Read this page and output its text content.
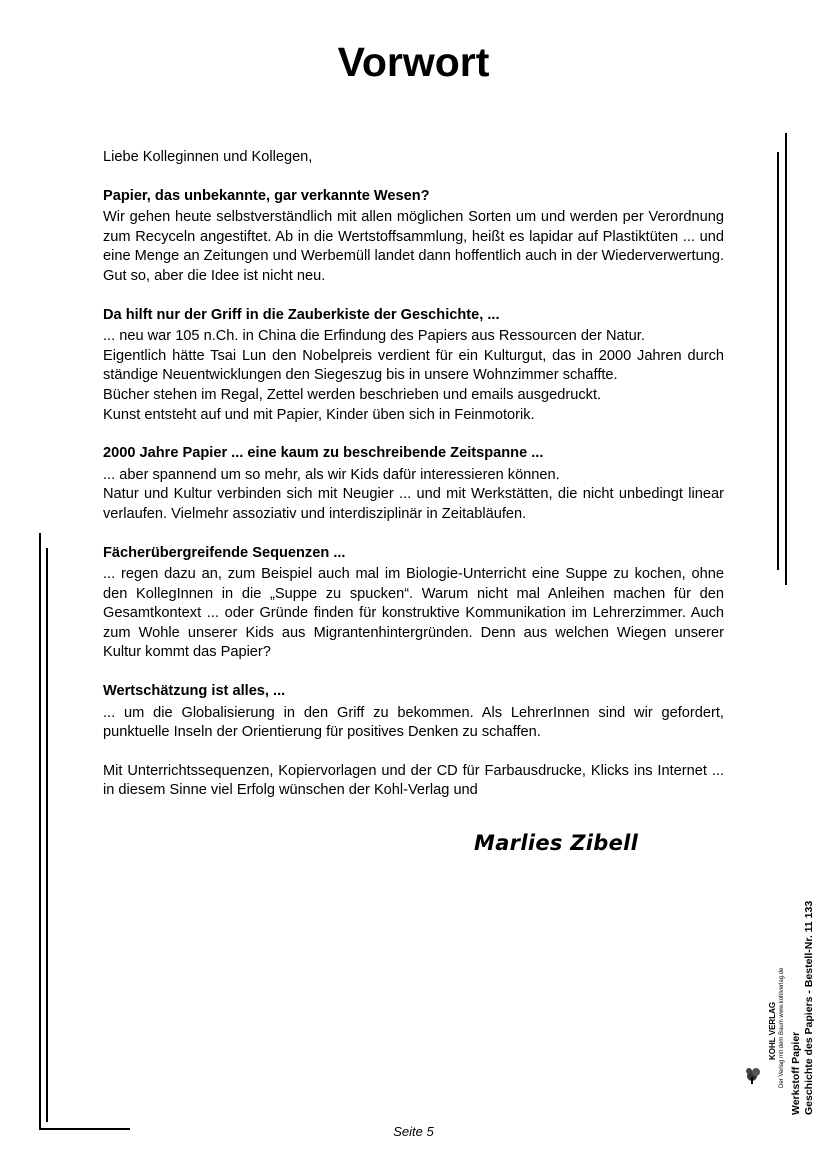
Vorwort

Liebe Kolleginnen und Kollegen,

Papier, das unbekannte, gar verkannte Wesen?
Wir gehen heute selbstverständlich mit allen möglichen Sorten um und werden per Verordnung zum Recyceln angestiftet. Ab in die Wertstoffsammlung, heißt es lapidar auf Plastiktüten ... und eine Menge an Zeitungen und Werbemüll landet dann hoffentlich auch in der Wiederverwertung. Gut so, aber die Idee ist nicht neu.
Da hilft nur der Griff in die Zauberkiste der Geschichte, ...
... neu war 105 n.Ch. in China die Erfindung des Papiers aus Ressourcen der Natur.
Eigentlich hätte Tsai Lun den Nobelpreis verdient für ein Kulturgut, das in 2000 Jahren durch ständige Neuentwicklungen den Siegeszug bis in unsere Wohnzimmer schaffte.
Bücher stehen im Regal, Zettel werden beschrieben und emails ausgedruckt.
Kunst entsteht auf und mit Papier, Kinder üben sich in Feinmotorik.
2000 Jahre Papier ... eine kaum zu beschreibende Zeitspanne ...
... aber spannend um so mehr, als wir Kids dafür interessieren können.
Natur und Kultur verbinden sich mit Neugier ... und mit Werkstätten, die nicht unbedingt linear verlaufen. Vielmehr assoziativ und interdisziplinär in Zeitabläufen.
Fächerübergreifende Sequenzen ...
... regen dazu an, zum Beispiel auch mal im Biologie-Unterricht eine Suppe zu kochen, ohne den KollegInnen in die „Suppe zu spucken“. Warum nicht mal Anleihen machen für den Gesamtkontext ... oder Gründe finden für konstruktive Kommunikation im Lehrerzimmer. Auch zum Wohle unserer Kids aus Migrantenhintergründen. Denn aus welchen Wiegen unserer Kultur kommt das Papier?
Wertschätzung ist alles, ...
... um die Globalisierung in den Griff zu bekommen. Als LehrerInnen sind wir gefordert, punktuelle Inseln der Orientierung für positives Denken zu schaffen.

Mit Unterrichtssequenzen, Kopiervorlagen und der CD für Farbausdrucke, Klicks ins Internet ... in diesem Sinne viel Erfolg wünschen der Kohl-Verlag und

Marlies Zibell
Seite 5
KOHL VERLAG Der Verlag mit dem Baum www.kohlverlag.de
Werkstoff Papier Geschichte des Papiers - Bestell-Nr. 11 133
